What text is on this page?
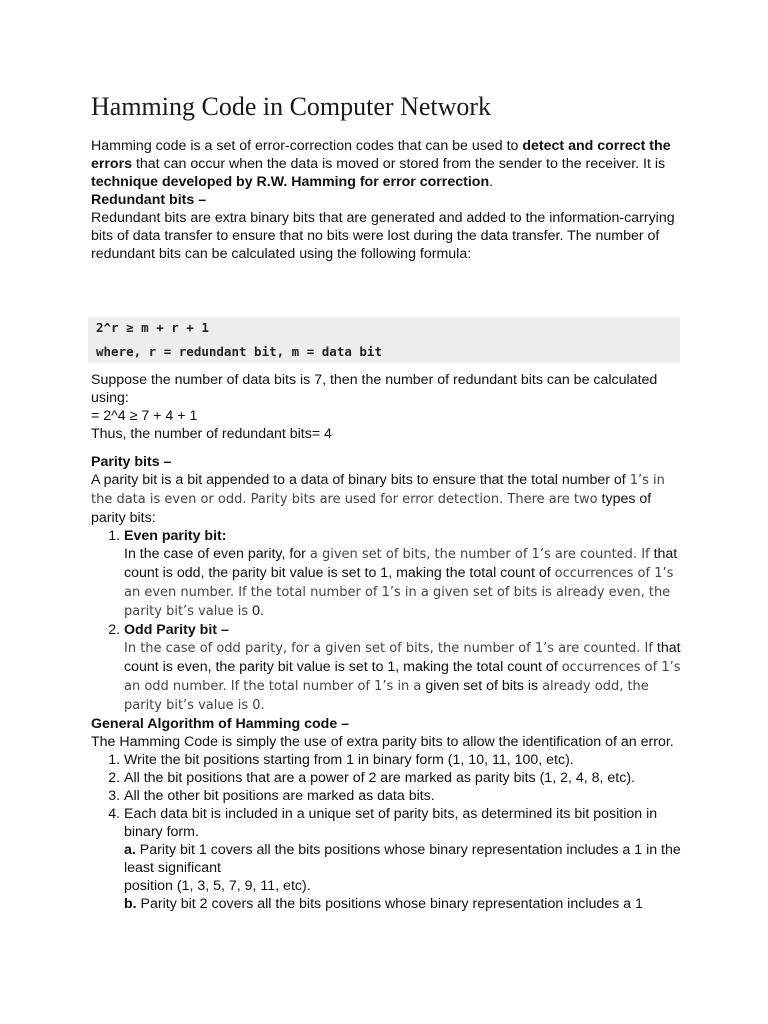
Hamming Code in Computer Network

Hamming code is a set of error-correction codes that can be used to detect and correct the errors that can occur when the data is moved or stored from the sender to the receiver. It is technique developed by R.W. Hamming for error correction.

Redundant bits –

Redundant bits are extra binary bits that are generated and added to the information-carrying bits of data transfer to ensure that no bits were lost during the data transfer. The number of redundant bits can be calculated using the following formula:

2^r ≥ m + r + 1
where, r = redundant bit, m = data bit

Suppose the number of data bits is 7, then the number of redundant bits can be calculated using:

= 2^4 ≥ 7 + 4 + 1

Thus, the number of redundant bits= 4

Parity bits –

A parity bit is a bit appended to a data of binary bits to ensure that the total number of 1’s in the data is even or odd. Parity bits are used for error detection. There are two types of parity bits:

1. Even parity bit:
In the case of even parity, for a given set of bits, the number of 1’s are counted. If that count is odd, the parity bit value is set to 1, making the total count of occurrences of 1’s an even number. If the total number of 1’s in a given set of bits is already even, the parity bit’s value is 0.
2. Odd Parity bit –
In the case of odd parity, for a given set of bits, the number of 1’s are counted. If that count is even, the parity bit value is set to 1, making the total count of occurrences of 1’s an odd number. If the total number of 1’s in a given set of bits is already odd, the parity bit’s value is 0.

General Algorithm of Hamming code –

The Hamming Code is simply the use of extra parity bits to allow the identification of an error.

1. Write the bit positions starting from 1 in binary form (1, 10, 11, 100, etc).
2. All the bit positions that are a power of 2 are marked as parity bits (1, 2, 4, 8, etc).
3. All the other bit positions are marked as data bits.
4. Each data bit is included in a unique set of parity bits, as determined its bit position in binary form.
a. Parity bit 1 covers all the bits positions whose binary representation includes a 1 in the least significant
position (1, 3, 5, 7, 9, 11, etc).
b. Parity bit 2 covers all the bits positions whose binary representation includes a 1
